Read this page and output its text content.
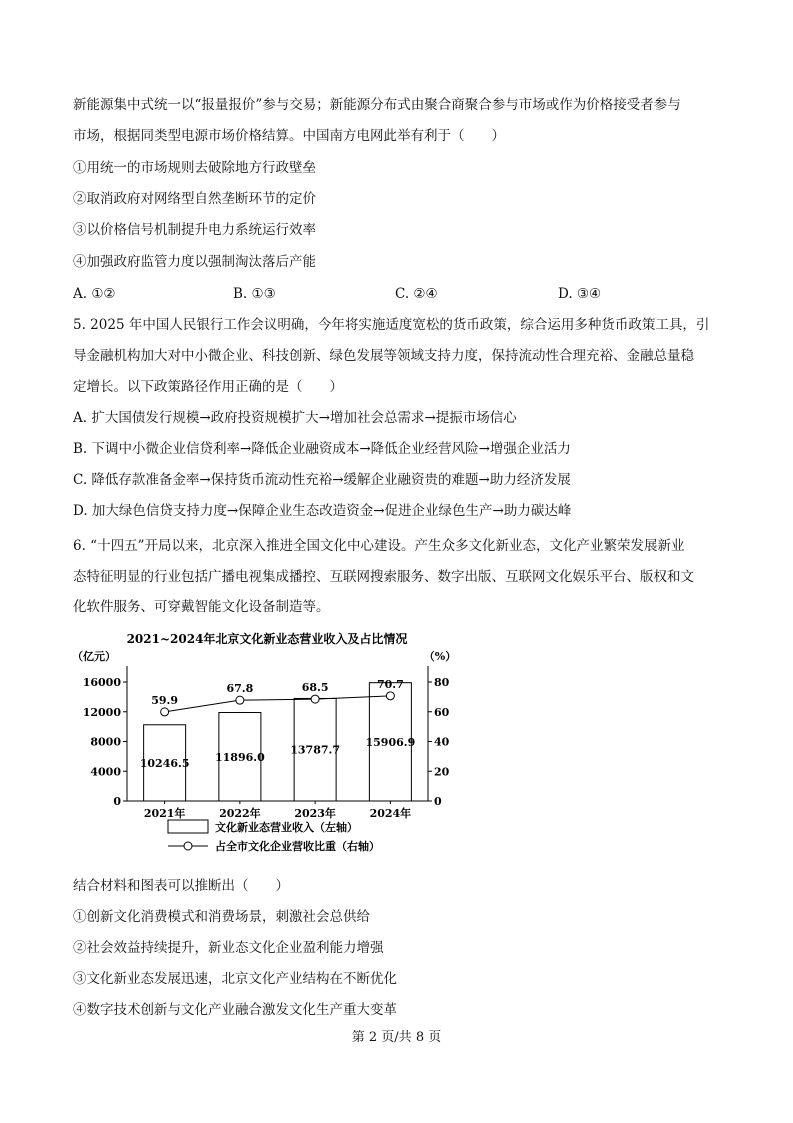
新能源集中式统一以“报量报价”参与交易；新能源分布式由聚合商聚合参与市场或作为价格接受者参与
市场，根据同类型电源市场价格结算。中国南方电网此举有利于（　　）
①用统一的市场规则去破除地方行政壁垒
②取消政府对网络型自然垄断环节的定价
③以价格信号机制提升电力系统运行效率
④加强政府监管力度以强制淘汰落后产能
A. ①②	B. ①③	C. ②④	D. ③④
5. 2025 年中国人民银行工作会议明确，今年将实施适度宽松的货币政策，综合运用多种货币政策工具，引
导金融机构加大对中小微企业、科技创新、绿色发展等领域支持力度，保持流动性合理充裕、金融总量稳
定增长。以下政策路径作用正确的是（　　）
A. 扩大国债发行规模→政府投资规模扩大→增加社会总需求→提振市场信心
B. 下调中小微企业信贷利率→降低企业融资成本→降低企业经营风险→增强企业活力
C. 降低存款准备金率→保持货币流动性充裕→缓解企业融资贵的难题→助力经济发展
D. 加大绿色信贷支持力度→保障企业生态改造资金→促进企业绿色生产→助力碳达峰
6. “十四五”开局以来，北京深入推进全国文化中心建设。产生众多文化新业态，文化产业繁荣发展新业
态特征明显的行业包括广播电视集成播控、互联网搜索服务、数字出版、互联网文化娱乐平台、版权和文
化软件服务、可穿戴智能文化设备制造等。
2021~2024年北京文化新业态营业收入及占比情况
（亿元）	（%）
0
4000
8000
12000
16000
0
20
40
60
80
10246.5
2021年
11896.0
2022年
13787.7
2023年
15906.9
2024年
59.9
67.8	68.5	70.7
文化新业态营业收入（左轴）
占全市文化企业营收比重（右轴）
结合材料和图表可以推断出（　　）
①创新文化消费模式和消费场景，刺激社会总供给
②社会效益持续提升，新业态文化企业盈利能力增强
③文化新业态发展迅速，北京文化产业结构在不断优化
④数字技术创新与文化产业融合激发文化生产重大变革
第 2 页/共 8 页
